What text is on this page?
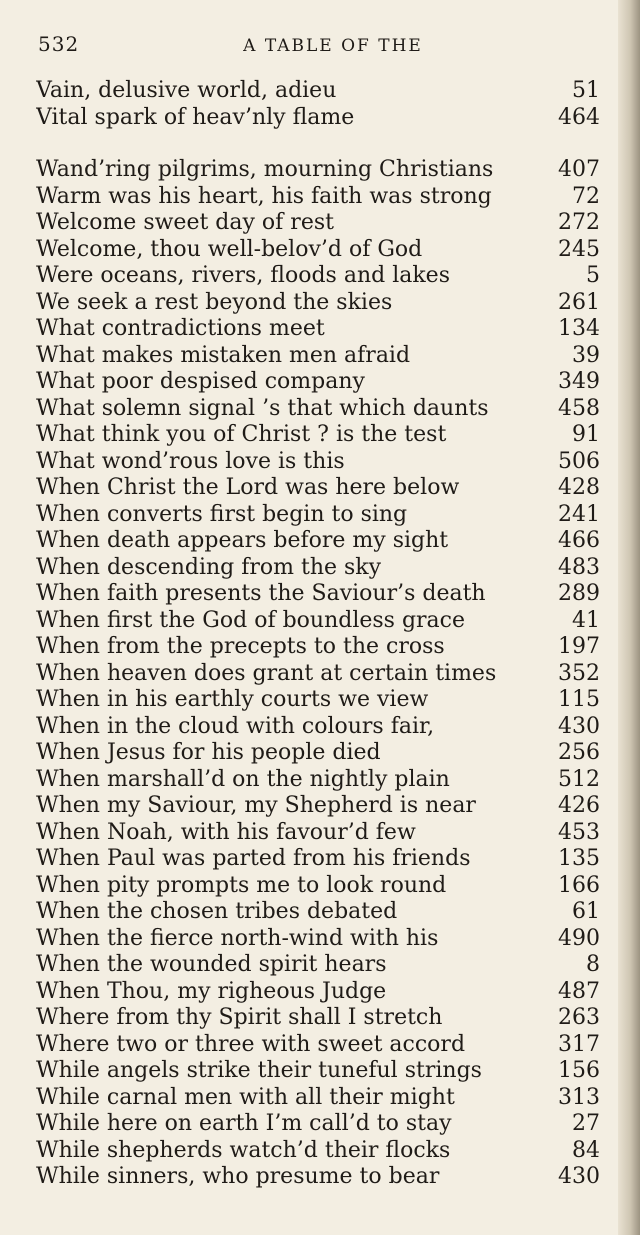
532	A TABLE OF THE
Vain, delusive world, adieu	51
Vital spark of heav’nly flame	464
Wand’ring pilgrims, mourning Christians	407
Warm was his heart, his faith was strong	72
Welcome sweet day of rest	272
Welcome, thou well-belov’d of God	245
Were oceans, rivers, floods and lakes	5
We seek a rest beyond the skies	261
What contradictions meet	134
What makes mistaken men afraid	39
What poor despised company	349
What solemn signal ’s that which daunts	458
What think you of Christ ? is the test	91
What wond’rous love is this	506
When Christ the Lord was here below	428
When converts first begin to sing	241
When death appears before my sight	466
When descending from the sky	483
When faith presents the Saviour’s death	289
When first the God of boundless grace	41
When from the precepts to the cross	197
When heaven does grant at certain times	352
When in his earthly courts we view	115
When in the cloud with colours fair,	430
When Jesus for his people died	256
When marshall’d on the nightly plain	512
When my Saviour, my Shepherd is near	426
When Noah, with his favour’d few	453
When Paul was parted from his friends	135
When pity prompts me to look round	166
When the chosen tribes debated	61
When the fierce north-wind with his	490
When the wounded spirit hears	8
When Thou, my righeous Judge	487
Where from thy Spirit shall I stretch	263
Where two or three with sweet accord	317
While angels strike their tuneful strings	156
While carnal men with all their might	313
While here on earth I’m call’d to stay	27
While shepherds watch’d their flocks	84
While sinners, who presume to bear	430
